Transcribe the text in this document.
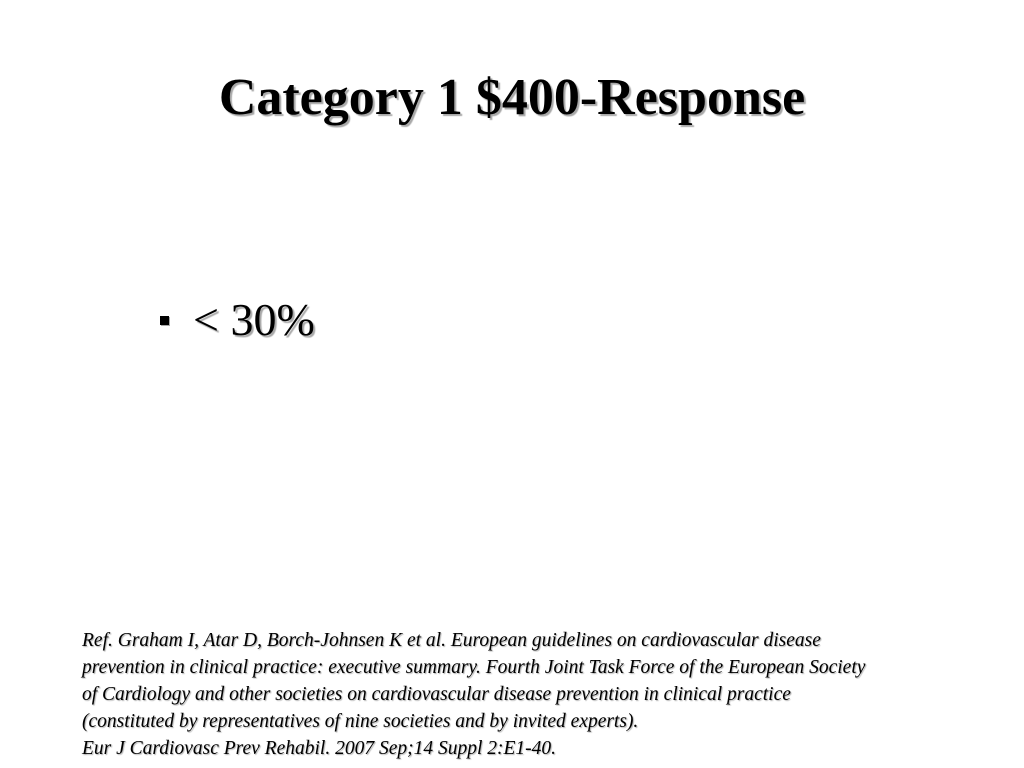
Category 1 $400-Response
< 30%
Ref. Graham I, Atar D, Borch-Johnsen K et al. European guidelines on cardiovascular disease
prevention in clinical practice: executive summary. Fourth Joint Task Force of the European Society
of Cardiology and other societies on cardiovascular disease prevention in clinical practice
(constituted by representatives of nine societies and by invited experts).
Eur J Cardiovasc Prev Rehabil. 2007 Sep;14 Suppl 2:E1-40.
